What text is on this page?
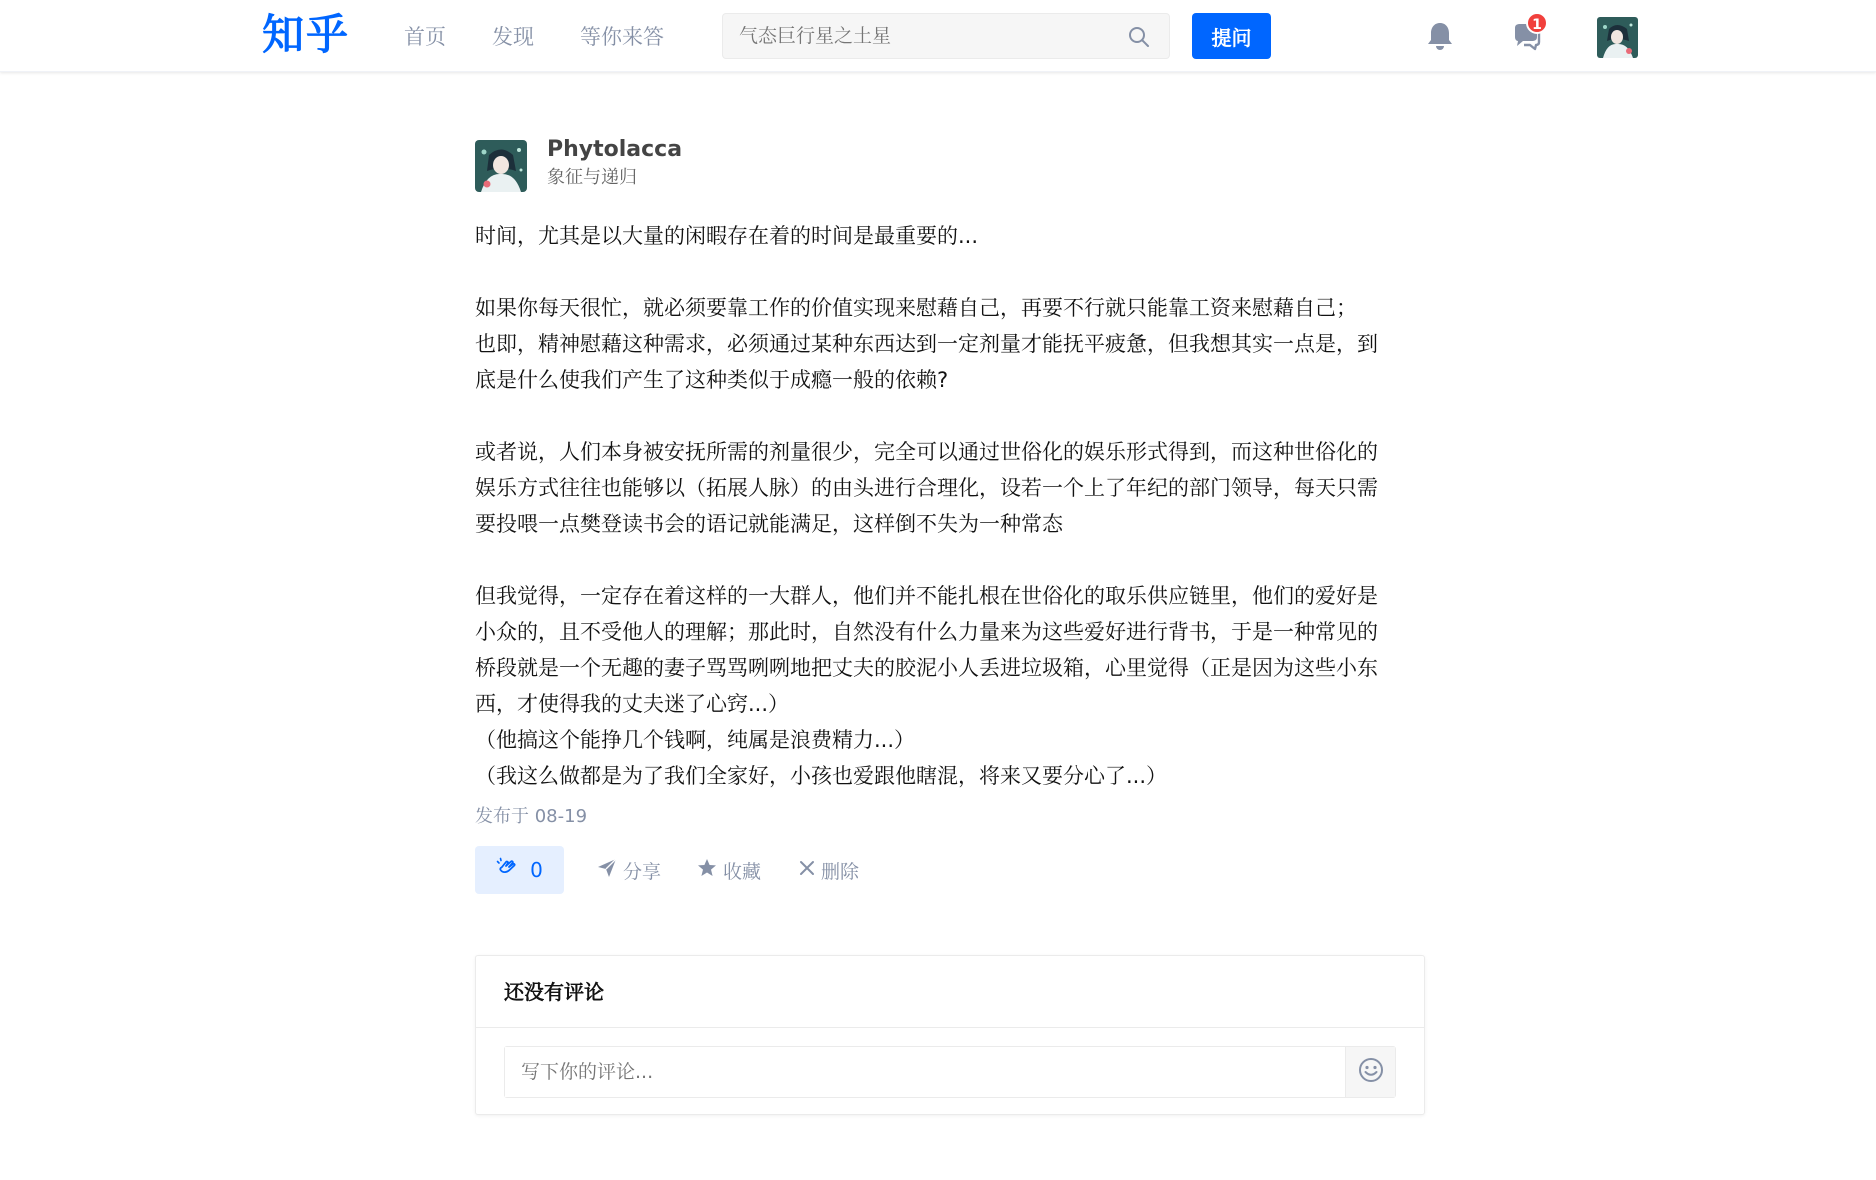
知乎	首页 发现 等你来答
气态巨行星之土星	提问
1
Phytolacca
象征与递归

时间，尤其是以大量的闲暇存在着的时间是最重要的...

如果你每天很忙，就必须要靠工作的价值实现来慰藉自己，再要不行就只能靠工资来慰藉自己；

也即，精神慰藉这种需求，必须通过某种东西达到一定剂量才能抚平疲惫，但我想其实一点是，到

底是什么使我们产生了这种类似于成瘾一般的依赖?

或者说，人们本身被安抚所需的剂量很少，完全可以通过世俗化的娱乐形式得到，而这种世俗化的

娱乐方式往往也能够以（拓展人脉）的由头进行合理化，设若一个上了年纪的部门领导，每天只需

要投喂一点樊登读书会的语记就能满足，这样倒不失为一种常态

但我觉得，一定存在着这样的一大群人，他们并不能扎根在世俗化的取乐供应链里，他们的爱好是

小众的，且不受他人的理解；那此时，自然没有什么力量来为这些爱好进行背书，于是一种常见的

桥段就是一个无趣的妻子骂骂咧咧地把丈夫的胶泥小人丢进垃圾箱，心里觉得（正是因为这些小东

西，才使得我的丈夫迷了心窍...）

（他搞这个能挣几个钱啊，纯属是浪费精力...）

（我这么做都是为了我们全家好，小孩也爱跟他瞎混，将来又要分心了...）

发布于 08-19
0	分享	收藏	删除
还没有评论
写下你的评论...
